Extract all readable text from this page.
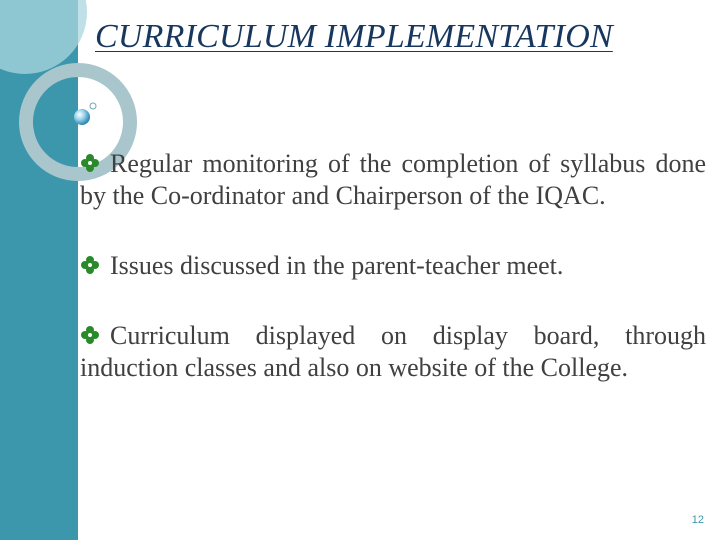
CURRICULUM IMPLEMENTATION
Regular monitoring of the completion of syllabus done by the Co-ordinator and Chairperson of the IQAC.
Issues discussed in the parent-teacher meet.
Curriculum displayed on display board, through induction classes and also on website of the College.
12
